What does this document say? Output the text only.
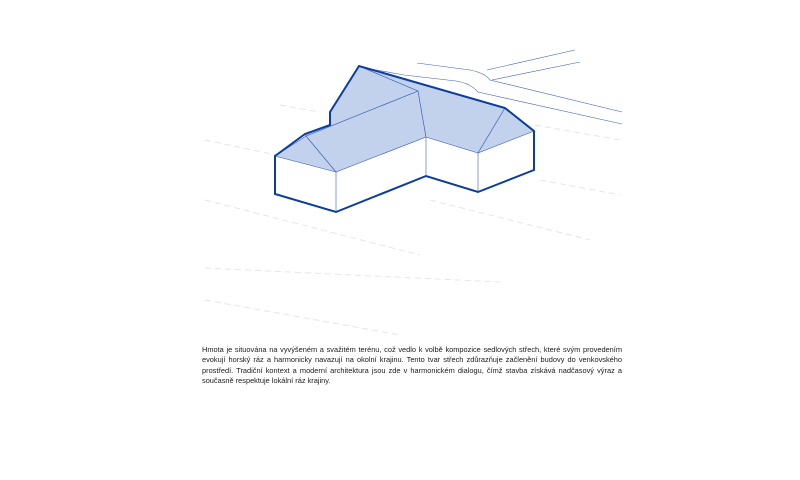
Hmota je situována na vyvýšeném a svažitém terénu, což vedlo k volbě kompozice sedlových střech, které svým provedením evokují horský ráz a harmonicky navazují na okolní krajinu. Tento tvar střech zdůrazňuje začlenění budovy do venkovského prostředí. Tradiční kontext a moderní architektura jsou zde v harmonickém dialogu, čímž stavba získává nadčasový výraz a současně respektuje lokální ráz krajiny.
